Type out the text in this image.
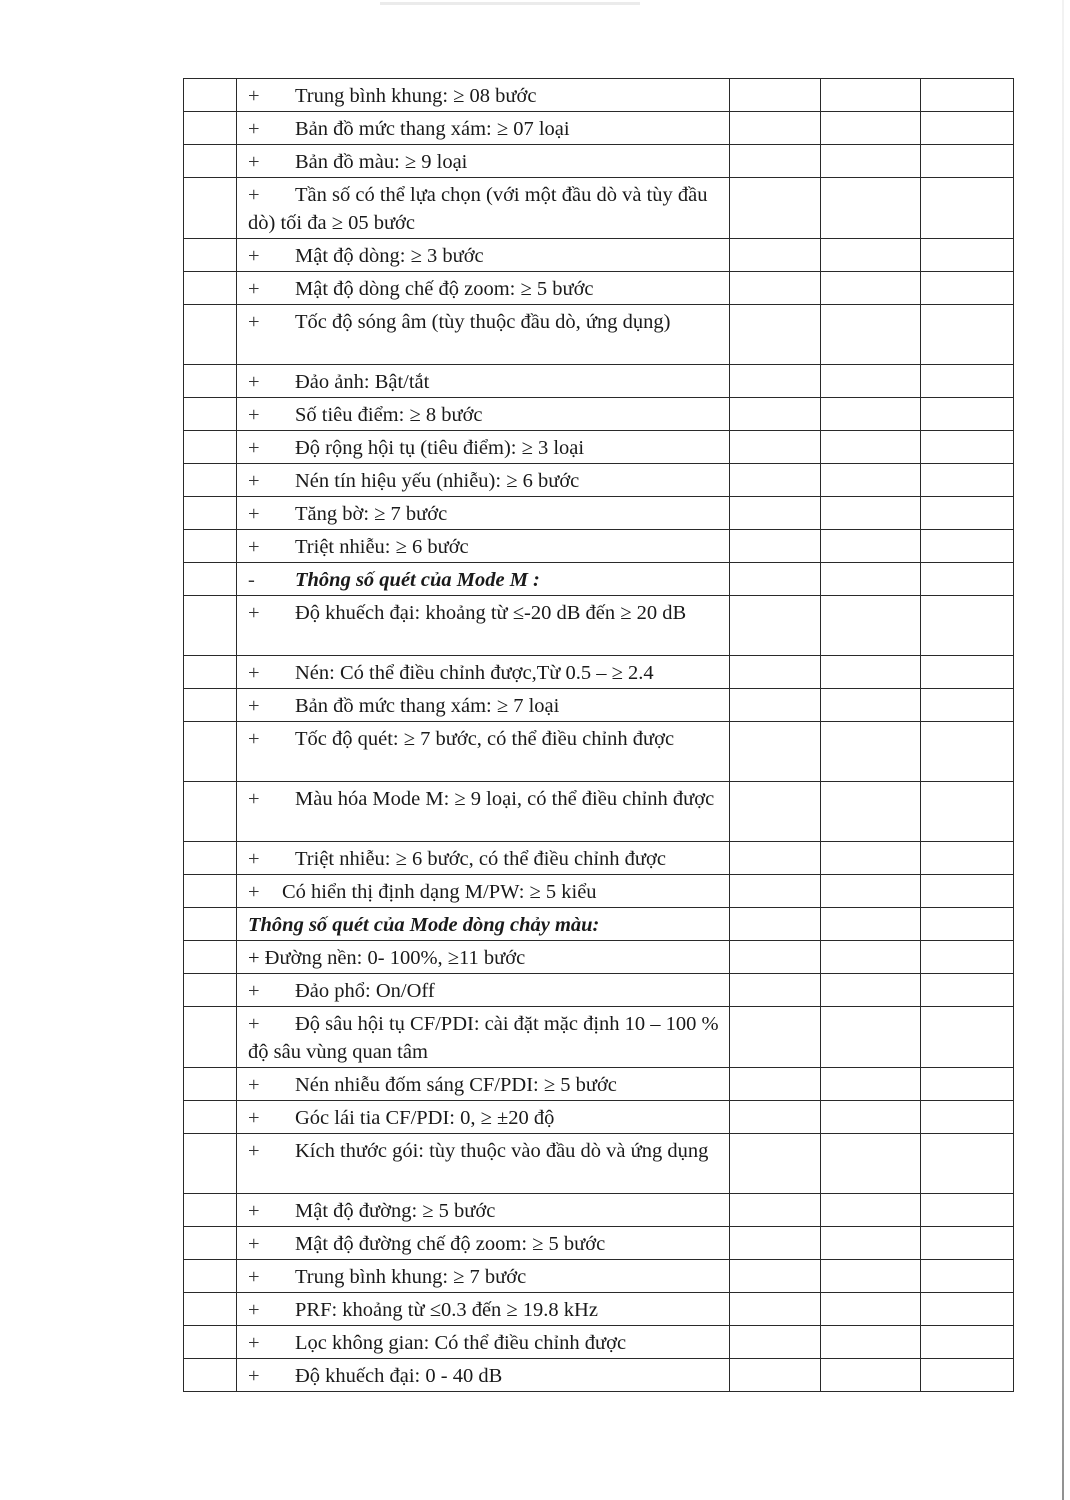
	+ Trung bình khung: ≥ 08 bước			
	+ Bản đồ mức thang xám: ≥ 07 loại			
	+ Bản đồ màu: ≥ 9 loại			
	+ Tần số có thể lựa chọn (với một đầu dò và tùy đầu dò) tối đa ≥ 05 bước			
	+ Mật độ dòng: ≥ 3 bước			
	+ Mật độ dòng chế độ zoom: ≥ 5 bước			
	+ Tốc độ sóng âm (tùy thuộc đầu dò, ứng dụng)			
	+ Đảo ảnh: Bật/tắt			
	+ Số tiêu điểm: ≥ 8 bước			
	+ Độ rộng hội tụ (tiêu điểm): ≥ 3 loại			
	+ Nén tín hiệu yếu (nhiễu): ≥ 6 bước			
	+ Tăng bờ: ≥ 7 bước			
	+ Triệt nhiễu: ≥ 6 bước			
	- Thông số quét của Mode M :			
	+ Độ khuếch đại: khoảng từ ≤-20 dB đến ≥ 20 dB			
	+ Nén: Có thể điều chỉnh được,Từ 0.5 – ≥ 2.4			
	+ Bản đồ mức thang xám: ≥ 7 loại			
	+ Tốc độ quét: ≥ 7 bước, có thể điều chỉnh được			
	+ Màu hóa Mode M: ≥ 9 loại, có thể điều chỉnh được			
	+ Triệt nhiễu: ≥ 6 bước, có thể điều chỉnh được			
	+ Có hiển thị định dạng M/PW: ≥ 5 kiểu			
	Thông số quét của Mode dòng chảy màu:			
	+ Đường nền: 0- 100%, ≥11 bước			
	+ Đảo phổ: On/Off			
	+ Độ sâu hội tụ CF/PDI: cài đặt mặc định 10 – 100 % độ sâu vùng quan tâm			
	+ Nén nhiễu đốm sáng CF/PDI: ≥ 5 bước			
	+ Góc lái tia CF/PDI: 0, ≥ ±20 độ			
	+ Kích thước gói: tùy thuộc vào đầu dò và ứng dụng			
	+ Mật độ đường: ≥ 5 bước			
	+ Mật độ đường chế độ zoom: ≥ 5 bước			
	+ Trung bình khung: ≥ 7 bước			
	+ PRF: khoảng từ ≤0.3 đến ≥ 19.8 kHz			
	+ Lọc không gian: Có thể điều chỉnh được			
	+ Độ khuếch đại: 0 - 40 dB			
